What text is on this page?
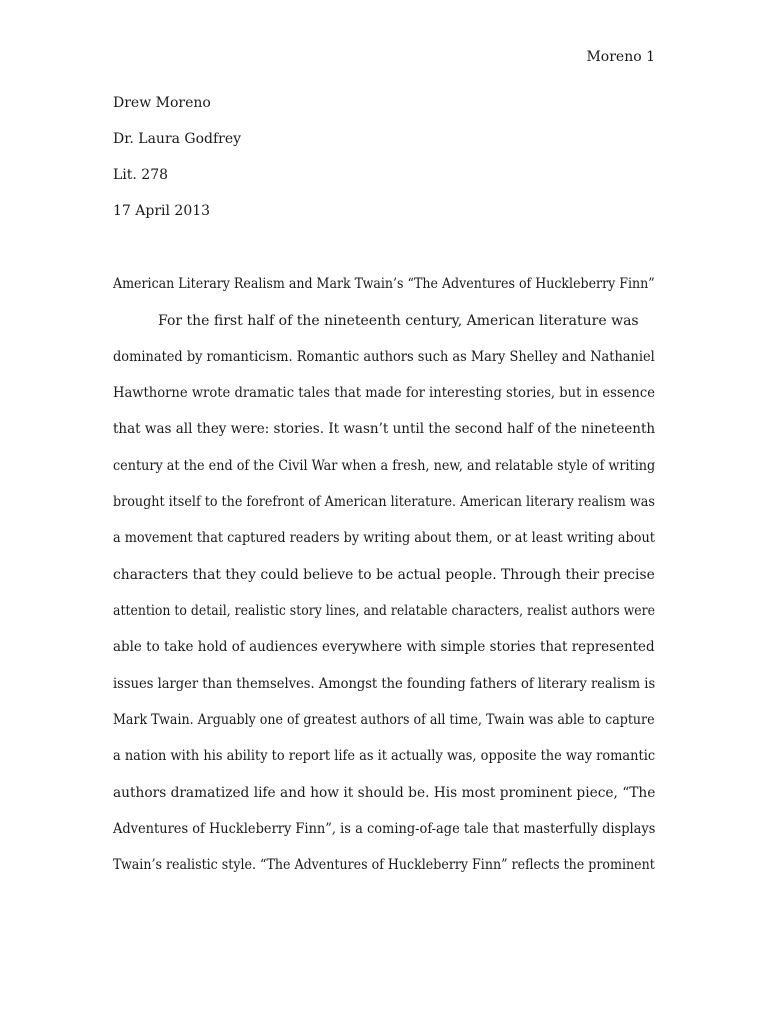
Moreno 1
Drew Moreno
Dr. Laura Godfrey
Lit. 278
17 April 2013
American Literary Realism and Mark Twain’s “The Adventures of Huckleberry Finn”
For the first half of the nineteenth century, American literature was
dominated by romanticism. Romantic authors such as Mary Shelley and Nathaniel
Hawthorne wrote dramatic tales that made for interesting stories, but in essence
that was all they were: stories. It wasn’t until the second half of the nineteenth
century at the end of the Civil War when a fresh, new, and relatable style of writing
brought itself to the forefront of American literature. American literary realism was
a movement that captured readers by writing about them, or at least writing about
characters that they could believe to be actual people. Through their precise
attention to detail, realistic story lines, and relatable characters, realist authors were
able to take hold of audiences everywhere with simple stories that represented
issues larger than themselves. Amongst the founding fathers of literary realism is
Mark Twain. Arguably one of greatest authors of all time, Twain was able to capture
a nation with his ability to report life as it actually was, opposite the way romantic
authors dramatized life and how it should be. His most prominent piece, “The
Adventures of Huckleberry Finn”, is a coming-of-age tale that masterfully displays
Twain’s realistic style. “The Adventures of Huckleberry Finn” reflects the prominent
